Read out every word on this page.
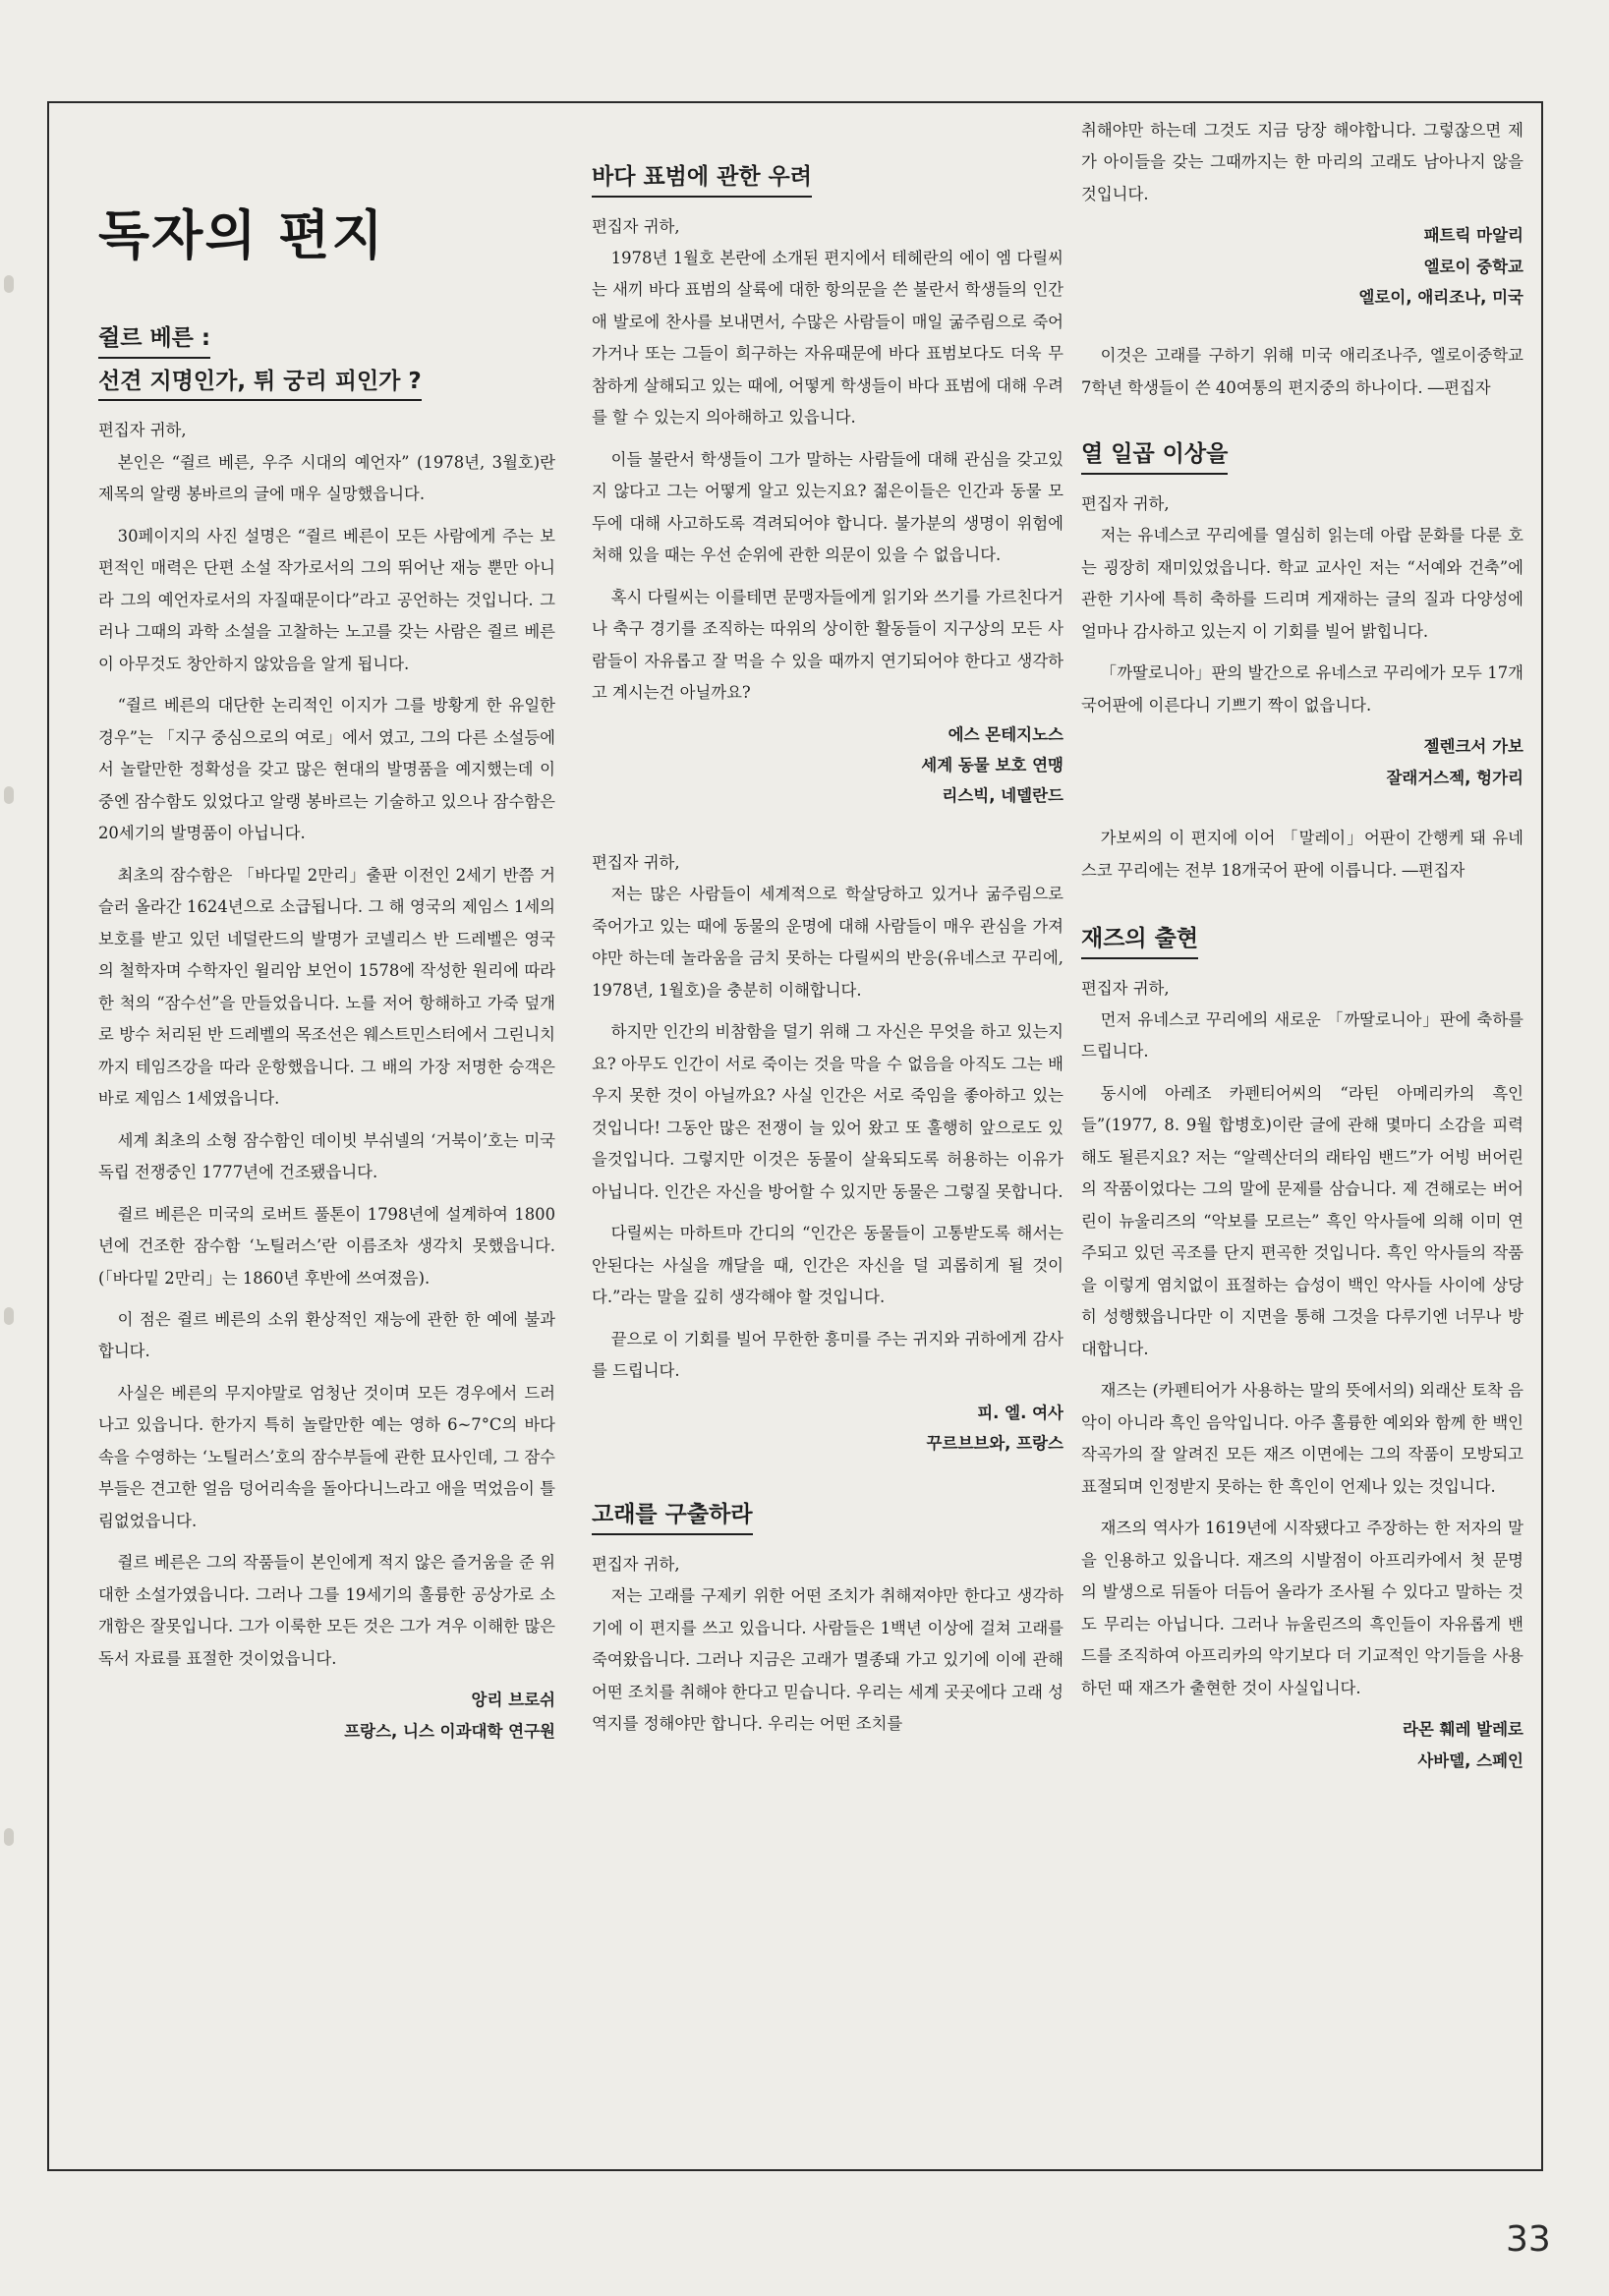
독자의 편지
쥘르 베른 :
선견 지명인가, 튀 궁리 피인가 ?

편집자 귀하,

본인은 “쥘르 베른, 우주 시대의 예언자” (1978년, 3월호)란 제목의 알랭 봉바르의 글에 매우 실망했읍니다.

30페이지의 사진 설명은 “쥘르 베른이 모든 사람에게 주는 보편적인 매력은 단편 소설 작가로서의 그의 뛰어난 재능 뿐만 아니라 그의 예언자로서의 자질때문이다”라고 공언하는 것입니다. 그러나 그때의 과학 소설을 고찰하는 노고를 갖는 사람은 쥘르 베른이 아무것도 창안하지 않았음을 알게 됩니다.

“쥘르 베른의 대단한 논리적인 이지가 그를 방황게 한 유일한 경우”는 「지구 중심으로의 여로」에서 였고, 그의 다른 소설등에서 놀랄만한 정확성을 갖고 많은 현대의 발명품을 예지했는데 이 중엔 잠수함도 있었다고 알랭 봉바르는 기술하고 있으나 잠수함은 20세기의 발명품이 아닙니다.

최초의 잠수함은 「바다밑 2만리」출판 이전인 2세기 반쯤 거슬러 올라간 1624년으로 소급됩니다. 그 해 영국의 제임스 1세의 보호를 받고 있던 네덜란드의 발명가 코넬리스 반 드레벨은 영국의 철학자며 수학자인 윌리암 보언이 1578에 작성한 원리에 따라 한 척의 “잠수선”을 만들었읍니다. 노를 저어 항해하고 가죽 덮개로 방수 처리된 반 드레벨의 목조선은 웨스트민스터에서 그린니치까지 테임즈강을 따라 운항했읍니다. 그 배의 가장 저명한 승객은 바로 제임스 1세였읍니다.

세계 최초의 소형 잠수함인 데이빗 부쉬넬의 ‘거북이’호는 미국 독립 전쟁중인 1777년에 건조됐읍니다.

쥘르 베른은 미국의 로버트 풀톤이 1798년에 설계하여 1800년에 건조한 잠수함 ‘노틸러스’란 이름조차 생각치 못했읍니다. (「바다밑 2만리」는 1860년 후반에 쓰여졌음).

이 점은 쥘르 베른의 소위 환상적인 재능에 관한 한 예에 불과합니다.

사실은 베른의 무지야말로 엄청난 것이며 모든 경우에서 드러나고 있읍니다. 한가지 특히 놀랄만한 예는 영하 6~7°C의 바다속을 수영하는 ‘노틸러스’호의 잠수부들에 관한 묘사인데, 그 잠수부들은 견고한 얼음 덩어리속을 돌아다니느라고 애을 먹었음이 틀림없었읍니다.

쥘르 베른은 그의 작품들이 본인에게 적지 않은 즐거움을 준 위대한 소설가였읍니다. 그러나 그를 19세기의 훌륭한 공상가로 소개함은 잘못입니다. 그가 이룩한 모든 것은 그가 겨우 이해한 많은 독서 자료를 표절한 것이었읍니다.

앙리 브로쉬
프랑스, 니스 이과대학 연구원
바다 표범에 관한 우려

편집자 귀하,

1978년 1월호 본란에 소개된 편지에서 테헤란의 에이 엠 다릴씨는 새끼 바다 표범의 살륙에 대한 항의문을 쓴 불란서 학생들의 인간애 발로에 찬사를 보내면서, 수많은 사람들이 매일 굶주림으로 죽어가거나 또는 그들이 희구하는 자유때문에 바다 표범보다도 더욱 무참하게 살해되고 있는 때에, 어떻게 학생들이 바다 표범에 대해 우려를 할 수 있는지 의아해하고 있읍니다.

이들 불란서 학생들이 그가 말하는 사람들에 대해 관심을 갖고있지 않다고 그는 어떻게 알고 있는지요? 젊은이들은 인간과 동물 모두에 대해 사고하도록 격려되어야 합니다. 불가분의 생명이 위험에 처해 있을 때는 우선 순위에 관한 의문이 있을 수 없읍니다.

혹시 다릴씨는 이를테면 문맹자들에게 읽기와 쓰기를 가르친다거나 축구 경기를 조직하는 따위의 상이한 활동들이 지구상의 모든 사람들이 자유롭고 잘 먹을 수 있을 때까지 연기되어야 한다고 생각하고 계시는건 아닐까요?

에스 몬테지노스
세계 동물 보호 연맹
리스빅, 네델란드

편집자 귀하,

저는 많은 사람들이 세계적으로 학살당하고 있거나 굶주림으로 죽어가고 있는 때에 동물의 운명에 대해 사람들이 매우 관심을 가져야만 하는데 놀라움을 금치 못하는 다릴씨의 반응(유네스코 꾸리에, 1978년, 1월호)을 충분히 이해합니다.

하지만 인간의 비참함을 덜기 위해 그 자신은 무엇을 하고 있는지요? 아무도 인간이 서로 죽이는 것을 막을 수 없음을 아직도 그는 배우지 못한 것이 아닐까요? 사실 인간은 서로 죽임을 좋아하고 있는 것입니다! 그동안 많은 전쟁이 늘 있어 왔고 또 훌행히 앞으로도 있을것입니다. 그렇지만 이것은 동물이 살육되도록 허용하는 이유가 아닙니다. 인간은 자신을 방어할 수 있지만 동물은 그렇질 못합니다.

다릴씨는 마하트마 간디의 “인간은 동물들이 고통받도록 해서는 안된다는 사실을 깨달을 때, 인간은 자신을 덜 괴롭히게 될 것이다.”라는 말을 깊히 생각해야 할 것입니다.

끝으로 이 기회를 빌어 무한한 흥미를 주는 귀지와 귀하에게 감사를 드립니다.

피. 엘. 여사
꾸르브브와, 프랑스
고래를 구출하라

편집자 귀하,

저는 고래를 구제키 위한 어떤 조치가 취해져야만 한다고 생각하기에 이 편지를 쓰고 있읍니다. 사람들은 1백년 이상에 걸쳐 고래를 죽여왔읍니다. 그러나 지금은 고래가 멸종돼 가고 있기에 이에 관해 어떤 조치를 취해야 한다고 믿습니다. 우리는 세계 곳곳에다 고래 성역지를 정해야만 합니다. 우리는 어떤 조치를

취해야만 하는데 그것도 지금 당장 해야합니다. 그렇잖으면 제가 아이들을 갖는 그때까지는 한 마리의 고래도 남아나지 않을것입니다.

패트릭 마알리
엘로이 중학교
엘로이, 애리조나, 미국
이것은 고래를 구하기 위해 미국 애리조나주, 엘로이중학교 7학년 학생들이 쓴 40여통의 편지중의 하나이다. ―편집자
열 일곱 이상을

편집자 귀하,

저는 유네스코 꾸리에를 열심히 읽는데 아랍 문화를 다룬 호는 굉장히 재미있었읍니다. 학교 교사인 저는 “서예와 건축”에 관한 기사에 특히 축하를 드리며 게재하는 글의 질과 다양성에 얼마나 감사하고 있는지 이 기회를 빌어 밝힙니다.

「까딸로니아」판의 발간으로 유네스코 꾸리에가 모두 17개국어판에 이른다니 기쁘기 짝이 없읍니다.

젤렌크서 가보
잘래거스젝, 헝가리
가보씨의 이 편지에 이어 「말레이」어판이 간행케 돼 유네스코 꾸리에는 전부 18개국어 판에 이릅니다. ―편집자
재즈의 출현

편집자 귀하,

먼저 유네스코 꾸리에의 새로운 「까딸로니아」판에 축하를 드립니다.

동시에 아레조 카펜티어씨의 “라틴 아메리카의 흑인들”(1977, 8. 9월 합병호)이란 글에 관해 몇마디 소감을 피력해도 될른지요? 저는 “알렉산더의 래타임 밴드”가 어빙 버어린의 작품이었다는 그의 말에 문제를 삼습니다. 제 견해로는 버어린이 뉴울리즈의 “악보를 모르는” 흑인 악사들에 의해 이미 연주되고 있던 곡조를 단지 편곡한 것입니다. 흑인 악사들의 작품을 이렇게 염치없이 표절하는 습성이 백인 악사들 사이에 상당히 성행했읍니다만 이 지면을 통해 그것을 다루기엔 너무나 방대합니다.

재즈는 (카펜티어가 사용하는 말의 뜻에서의) 외래산 토착 음악이 아니라 흑인 음악입니다. 아주 훌륭한 예외와 함께 한 백인 작곡가의 잘 알려진 모든 재즈 이면에는 그의 작품이 모방되고 표절되며 인정받지 못하는 한 흑인이 언제나 있는 것입니다.

재즈의 역사가 1619년에 시작됐다고 주장하는 한 저자의 말을 인용하고 있읍니다. 재즈의 시발점이 아프리카에서 첫 문명의 발생으로 뒤돌아 더듬어 올라가 조사될 수 있다고 말하는 것도 무리는 아닙니다. 그러나 뉴울린즈의 흑인들이 자유롭게 밴드를 조직하여 아프리카의 악기보다 더 기교적인 악기들을 사용하던 때 재즈가 출현한 것이 사실입니다.

라몬 훼레 발레로
사바델, 스페인
33
